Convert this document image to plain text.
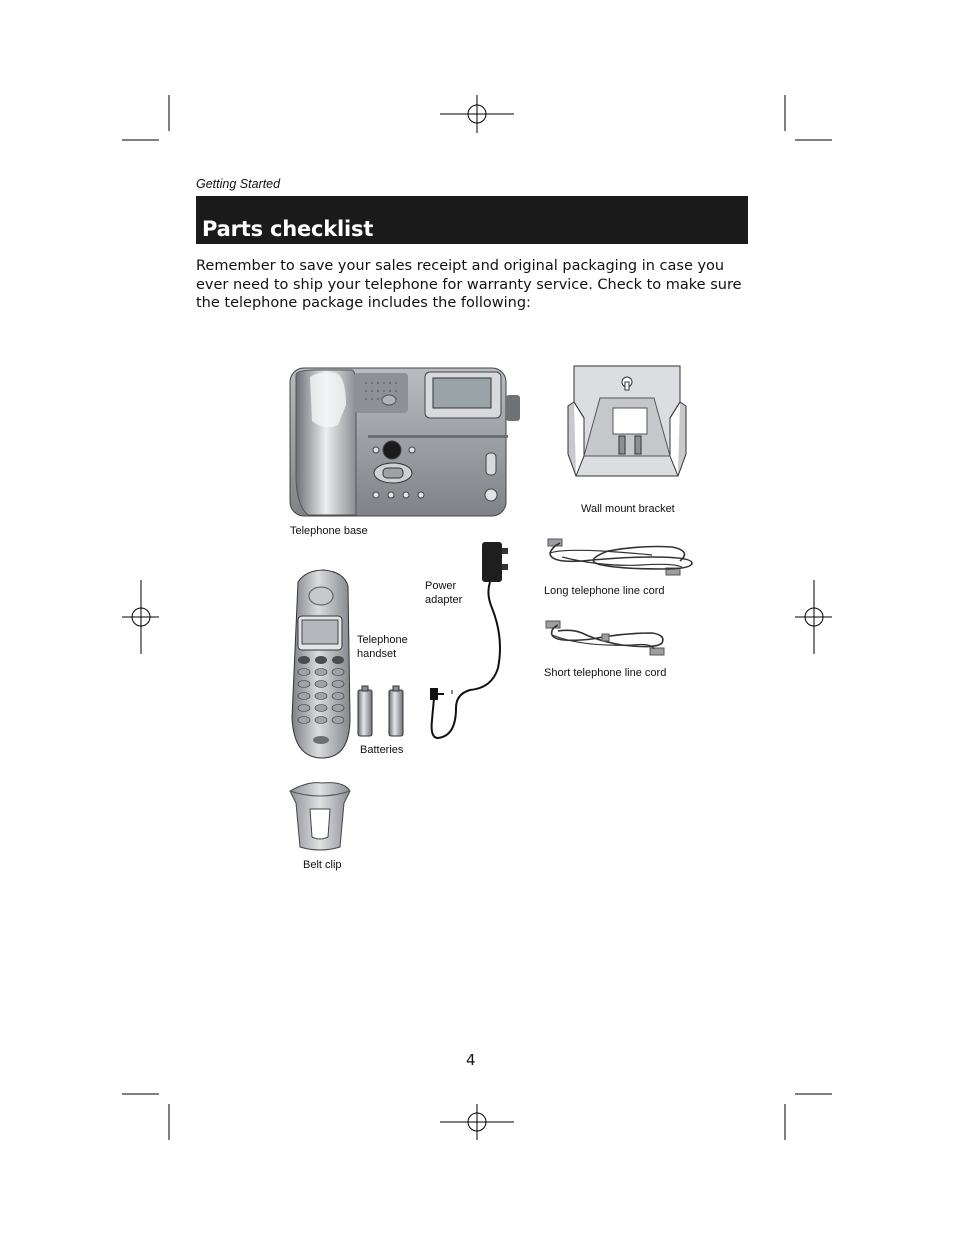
Getting Started
Parts checklist
Remember to save your sales receipt and original packaging in case you ever need to ship your telephone for warranty service. Check to make sure the telephone package includes the following:
Telephone base
Wall mount bracket
Power
adapter
Long telephone line cord
Short telephone line cord
Telephone
handset
Batteries
Belt clip
4
